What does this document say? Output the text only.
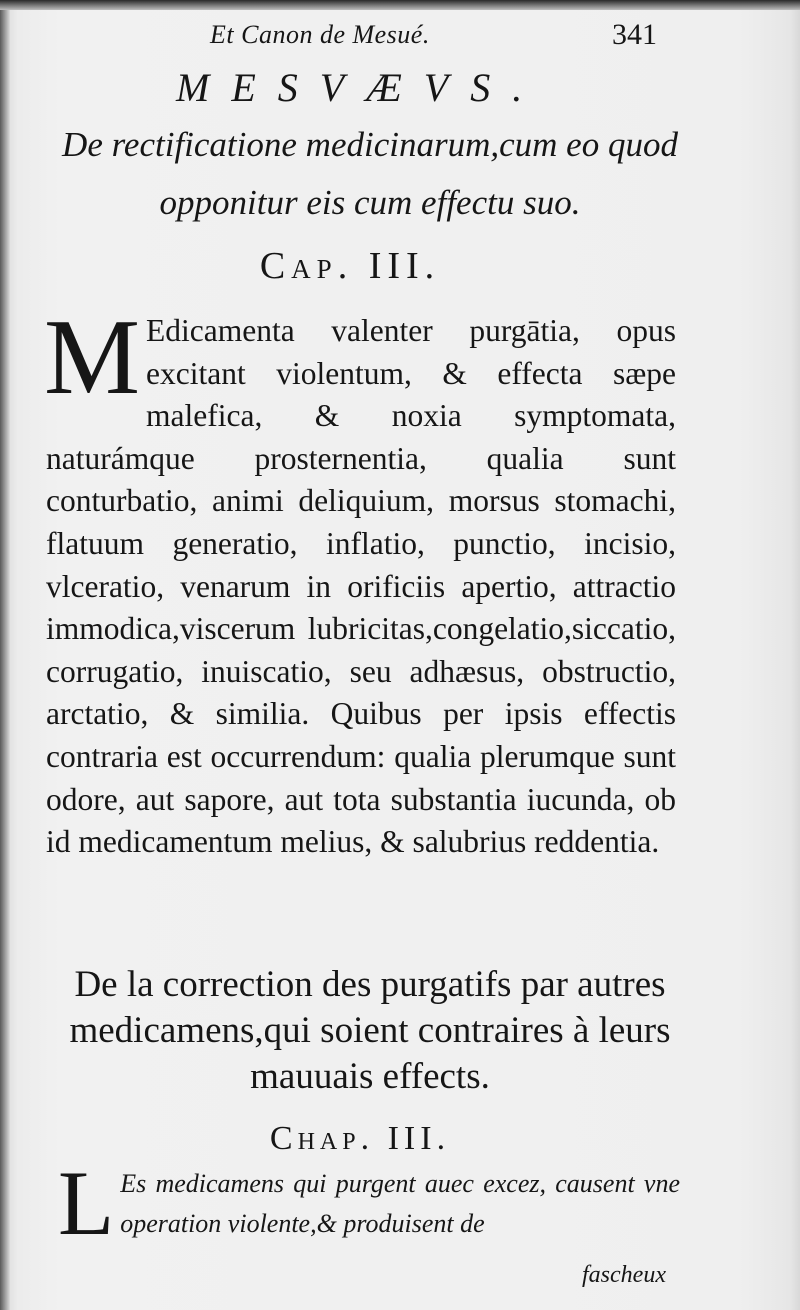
Et Canon de Mesué.	341
MESVÆVS.
De rectificatione medicinarum,cum eo quod opponitur eis cum effectu suo.
Cap. III.
M Edicamenta valenter purgātia, opus excitant violentum, & effecta sæpe malefica, & noxia symptomata, naturámque prosternentia, qualia sunt conturbatio, animi deliquium, morsus stomachi, flatuum generatio, inflatio, punctio, incisio, vlceratio, venarum in orificiis apertio, attractio immodica,viscerum lubricitas,congelatio,siccatio, corrugatio, inuiscatio, seu adhæsus, obstructio, arctatio, & similia. Quibus per ipsis effectis contraria est occurrendum: qualia plerumque sunt odore, aut sapore, aut tota substantia iucunda, ob id medicamentum melius, & salubrius reddentia.
De la correction des purgatifs par autres medicamens,qui soient contraires à leurs mauuais effects.
Chap. III.
L Es medicamens qui purgent auec excez, causent vne operation violente,& produisent de
fascheux
